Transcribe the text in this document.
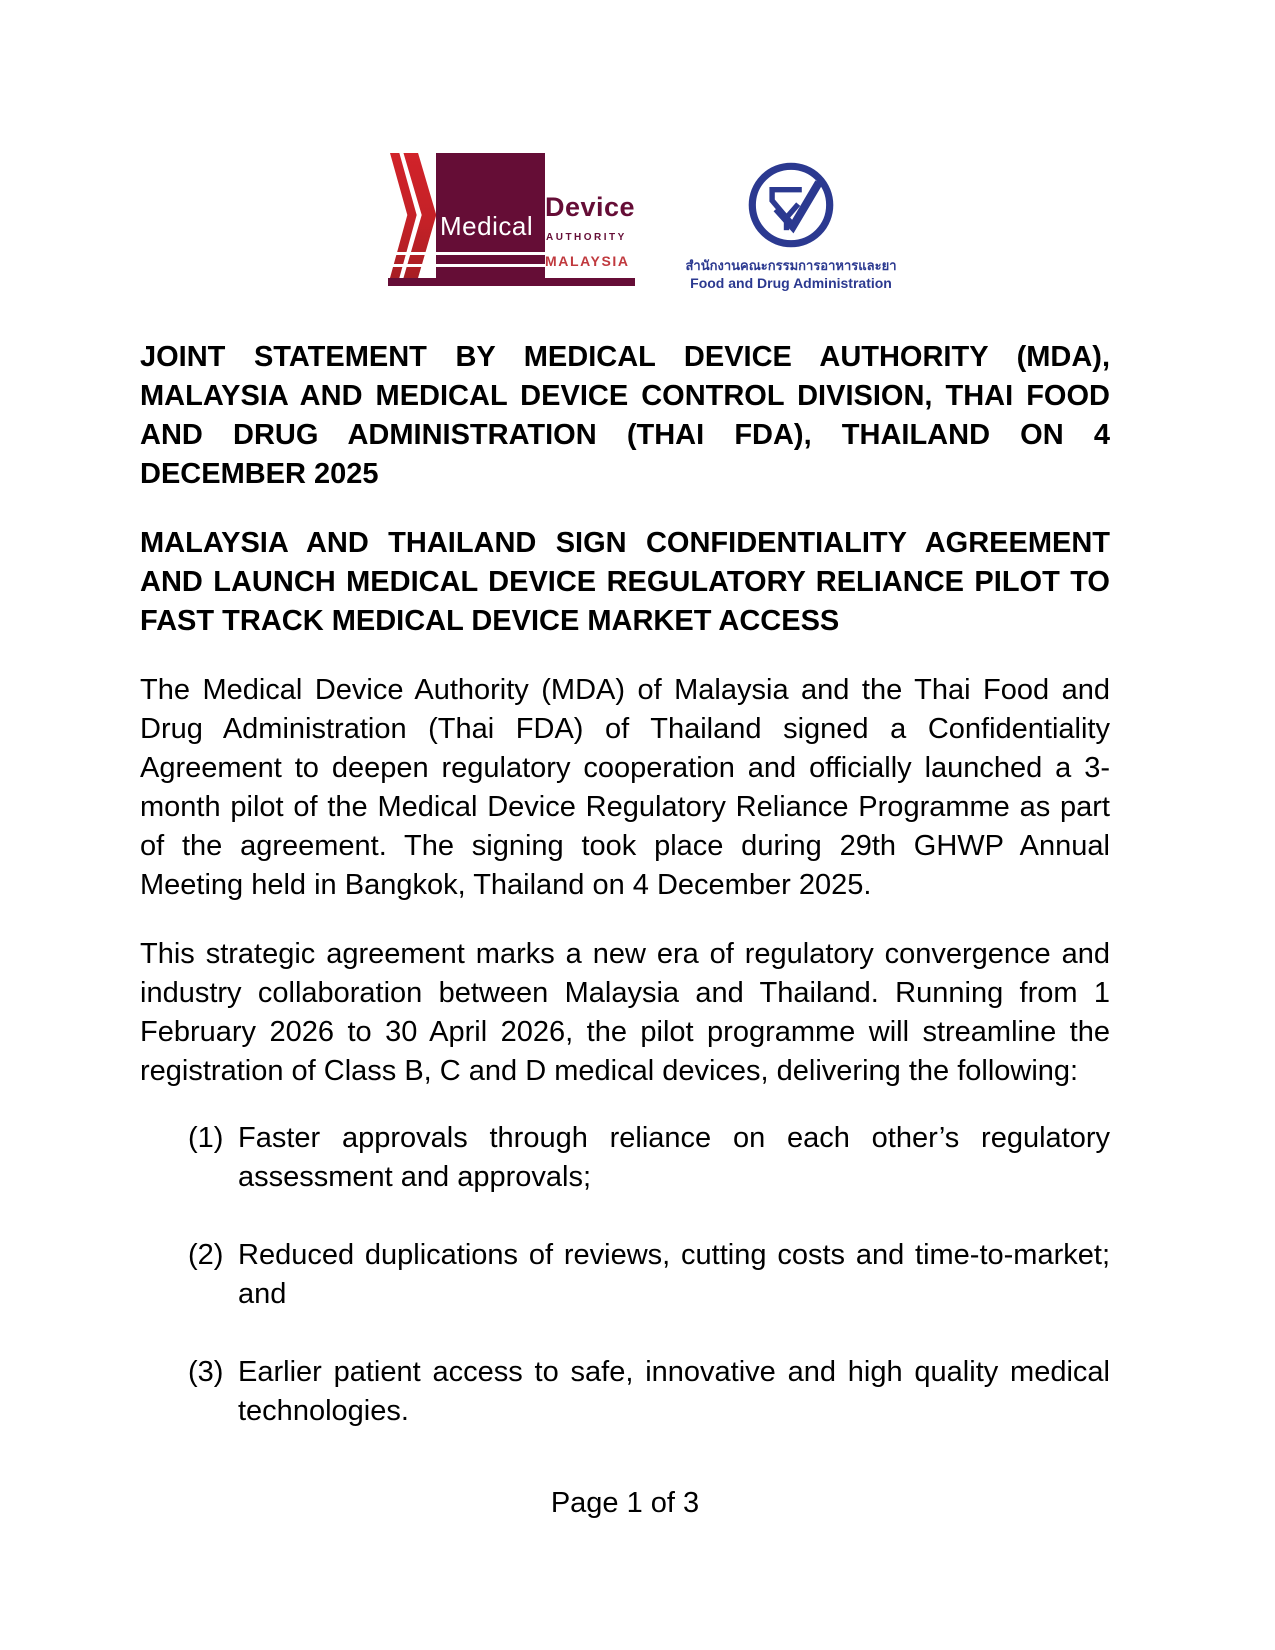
Medical
Device
AUTHORITY
MALAYSIA	สำนักงานคณะกรรมการอาหารและยา
Food and Drug Administration
JOINT STATEMENT BY MEDICAL DEVICE AUTHORITY (MDA), MALAYSIA AND MEDICAL DEVICE CONTROL DIVISION, THAI FOOD AND DRUG ADMINISTRATION (THAI FDA), THAILAND ON 4 DECEMBER 2025
MALAYSIA AND THAILAND SIGN CONFIDENTIALITY AGREEMENT AND LAUNCH MEDICAL DEVICE REGULATORY RELIANCE PILOT TO FAST TRACK MEDICAL DEVICE MARKET ACCESS
The Medical Device Authority (MDA) of Malaysia and the Thai Food and Drug Administration (Thai FDA) of Thailand signed a Confidentiality Agreement to deepen regulatory cooperation and officially launched a 3-month pilot of the Medical Device Regulatory Reliance Programme as part of the agreement. The signing took place during 29th GHWP Annual Meeting held in Bangkok, Thailand on 4 December 2025.
This strategic agreement marks a new era of regulatory convergence and industry collaboration between Malaysia and Thailand. Running from 1 February 2026 to 30 April 2026, the pilot programme will streamline the registration of Class B, C and D medical devices, delivering the following:
(1) Faster approvals through reliance on each other’s regulatory assessment and approvals;
(2) Reduced duplications of reviews, cutting costs and time-to-market; and
(3) Earlier patient access to safe, innovative and high quality medical technologies.
Page 1 of 3
